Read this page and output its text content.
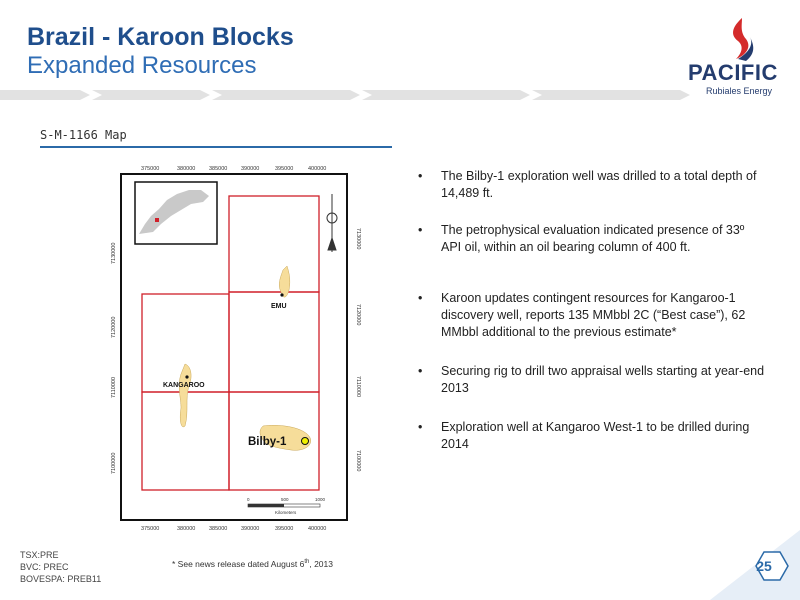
Brazil - Karoon Blocks
Expanded Resources	PACIFIC
Rubiales Energy
S-M-1166 Map
375000	380000 385000 390000	395000	400000
375000	380000 385000 390000	395000	400000
7130000
7120000
7110000
7100000
7130000
7120000
7110000
7100000
EMU
KANGAROO
Bilby-1
0	500	1000
Kilometers
• The Bilby-1 exploration well was drilled to a total depth of 14,489 ft.
• The petrophysical evaluation indicated presence of 33º API oil, within an oil bearing column of 400 ft.
• Karoon updates contingent resources for Kangaroo-1 discovery well, reports 135 MMbbl 2C (“Best case”), 62 MMbbl additional to the previous estimate*
• Securing rig to drill two appraisal wells starting at year-end 2013
• Exploration well at Kangaroo West-1 to be drilled during 2014
TSX:PRE
BVC: PREC
BOVESPA: PREB11
* See news release dated August 6th, 2013	25
